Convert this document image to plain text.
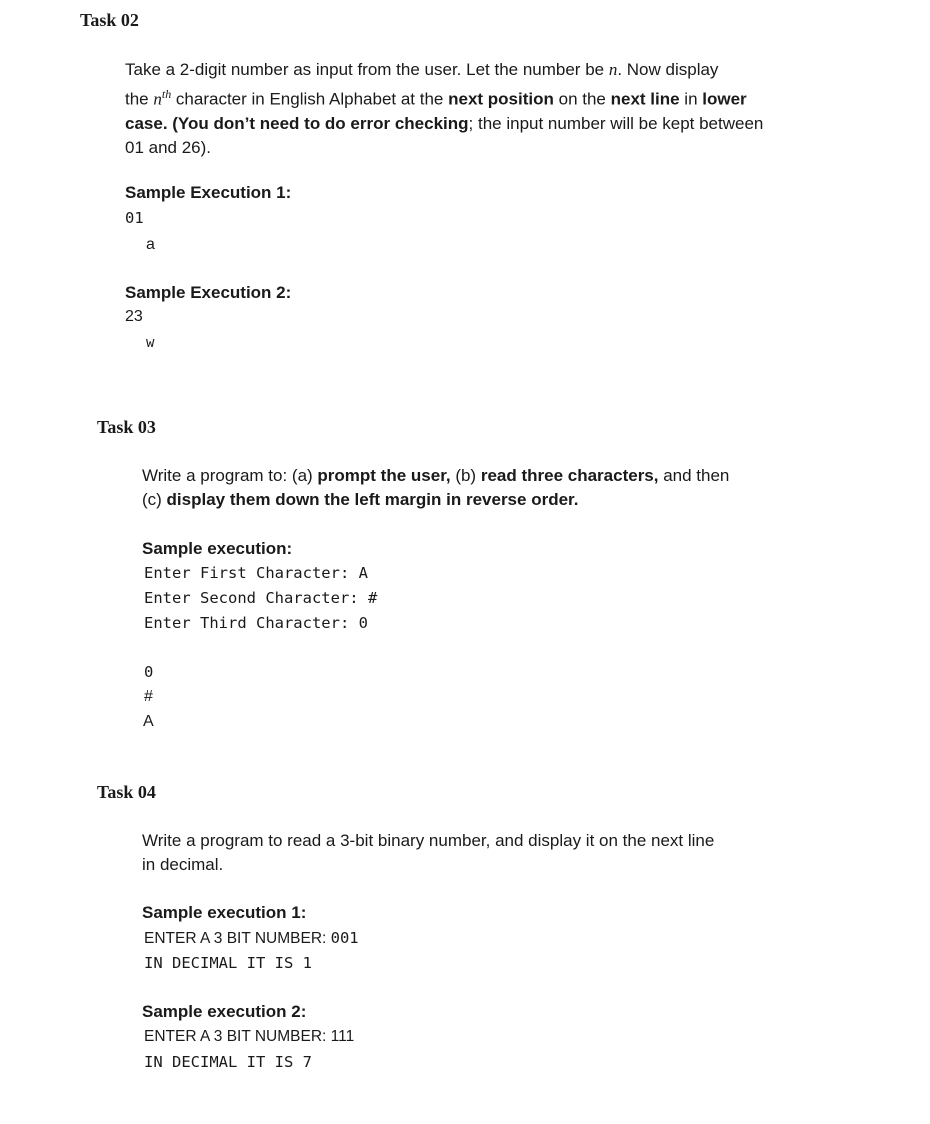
Task 02
Take a 2-digit number as input from the user. Let the number be n. Now display
the $n^{th}$ character in English Alphabet at the next position on the next line in lower
case. (You don’t need to do error checking; the input number will be kept between
01 and 26).
Sample Execution 1:
01
a
Sample Execution 2:
23
w
Task 03
Write a program to: (a) prompt the user, (b) read three characters, and then
(c) display them down the left margin in reverse order.
Sample execution:
Enter First Character: A
Enter Second Character: #
Enter Third Character: 0
0
#
A
Task 04
Write a program to read a 3-bit binary number, and display it on the next line
in decimal.
Sample execution 1:
ENTER A 3 BIT NUMBER: 001
IN DECIMAL IT IS 1
Sample execution 2:
ENTER A 3 BIT NUMBER: 111
IN DECIMAL IT IS 7
